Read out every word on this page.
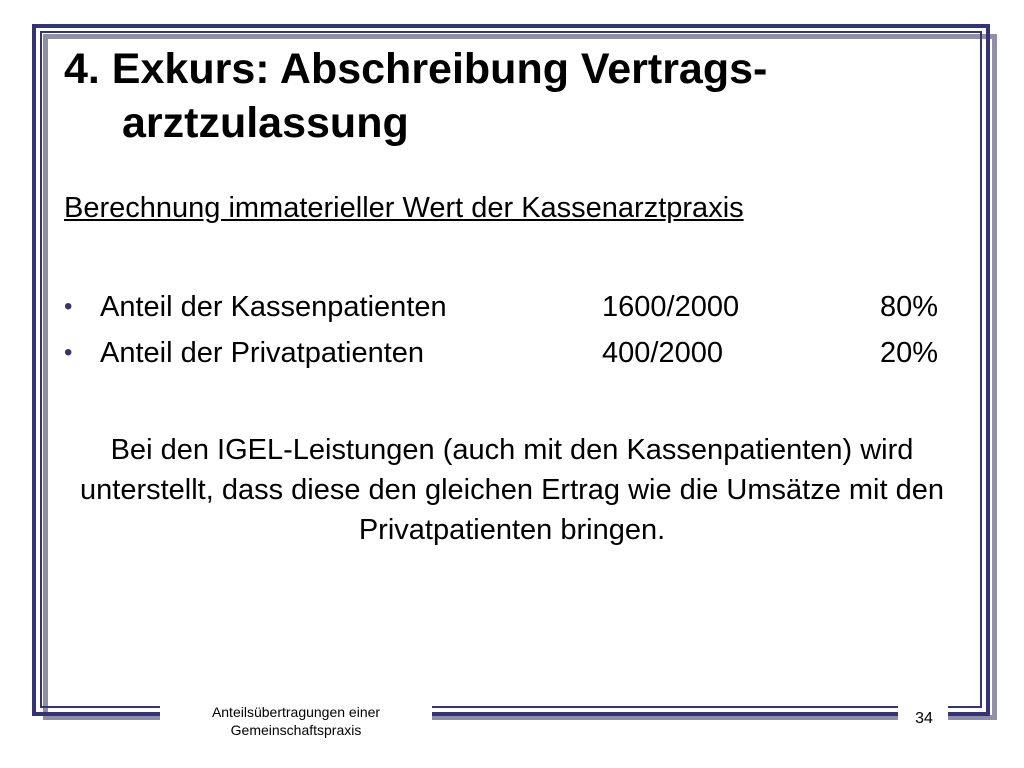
4. Exkurs: Abschreibung Vertrags-
arztzulassung

Berechnung immaterieller Wert der Kassenarztpraxis

• Anteil der Kassenpatienten	1600/2000	80%
• Anteil der Privatpatienten	400/2000	20%

Bei den IGEL-Leistungen (auch mit den Kassenpatienten) wird unterstellt, dass diese den gleichen Ertrag wie die Umsätze mit den Privatpatienten bringen.

Anteilsübertragungen einer
Gemeinschaftspraxis
34
